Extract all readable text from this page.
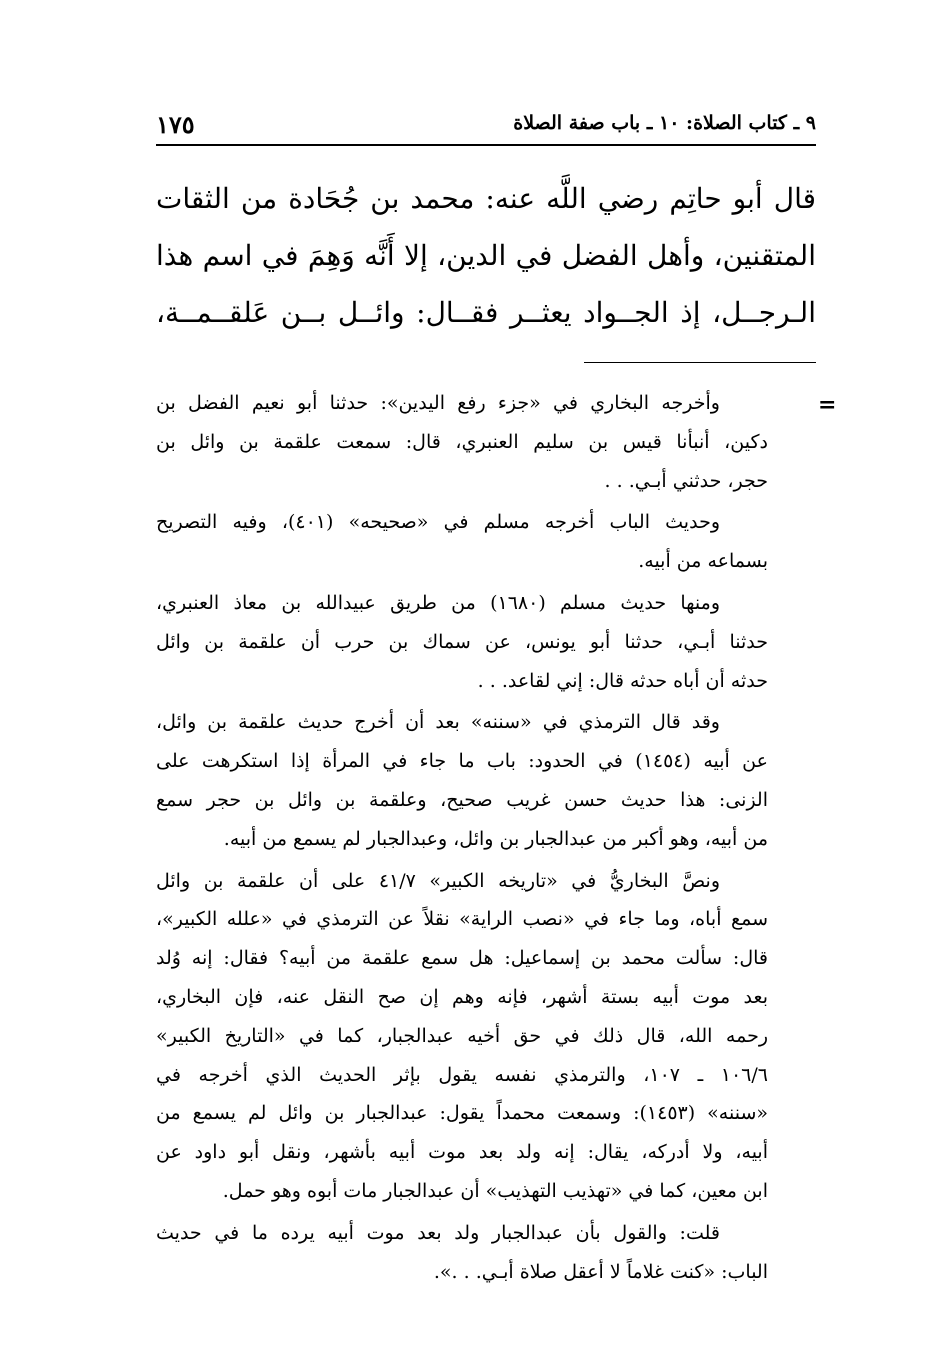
١٧٥	٩ ـ كتاب الصلاة: ١٠ ـ باب صفة الصلاة
قال أبو حاتِم رضي اللَّه عنه: محمد بن جُحَادة من الثقات
المتقنين، وأهل الفضل في الدين، إلا أَنَّه وَهِمَ في اسم هذا
الـرجــل، إذ الجــواد يعثــر فقــال: وائــل بــن عَلقــمــة،
=
وأخرجه البخاري في «جزء رفع اليدين»: حدثنا أبو نعيم الفضل بن
دكين، أنبأنا قيس بن سليم العنبري، قال: سمعت علقمة بن وائل بن
حجر، حدثني أبـي. . .
وحديث الباب أخرجه مسلم في «صحيحه» (٤٠١)، وفيه التصريح
بسماعه من أبيه.
ومنها حديث مسلم (١٦٨٠) من طريق عبيدالله بن معاذ العنبري،
حدثنا أبـي، حدثنا أبو يونس، عن سماك بن حرب أن علقمة بن وائل
حدثه أن أباه حدثه قال: إني لقاعد. . .
وقد قال الترمذي في «سننه» بعد أن أخرج حديث علقمة بن وائل،
عن أبيه (١٤٥٤) في الحدود: باب ما جاء في المرأة إذا استكرهت على
الزنى: هذا حديث حسن غريب صحيح، وعلقمة بن وائل بن حجر سمع
من أبيه، وهو أكبر من عبدالجبار بن وائل، وعبدالجبار لم يسمع من أبيه.
ونصَّ البخاريُّ في «تاريخه الكبير» ٤١/٧ على أن علقمة بن وائل
سمع أباه، وما جاء في «نصب الراية» نقلاً عن الترمذي في «علله الكبير»،
قال: سألت محمد بن إسماعيل: هل سمع علقمة من أبيه؟ فقال: إنه وُلد
بعد موت أبيه بستة أشهر، فإنه وهم إن صح النقل عنه، فإن البخاري،
رحمه الله، قال ذلك في حق أخيه عبدالجبار، كما في «التاريخ الكبير»
١٠٦/٦ ـ ١٠٧، والترمذي نفسه يقول بإثر الحديث الذي أخرجه في
«سننه» (١٤٥٣): وسمعت محمداً يقول: عبدالجبار بن وائل لم يسمع من
أبيه، ولا أدركه، يقال: إنه ولد بعد موت أبيه بأشهر، ونقل أبو داود عن
ابن معين، كما في «تهذيب التهذيب» أن عبدالجبار مات أبوه وهو حمل.
قلت: والقول بأن عبدالجبار ولد بعد موت أبيه يرده ما في حديث
الباب: «كنت غلاماً لا أعقل صلاة أبـي. . .».
